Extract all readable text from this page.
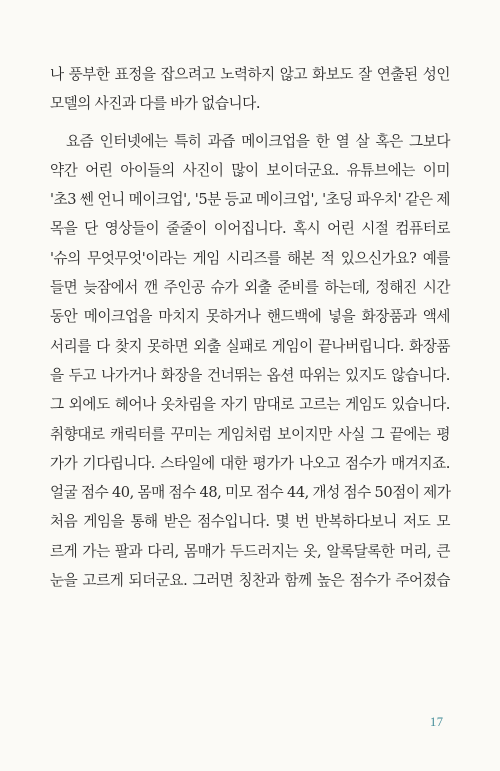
나 풍부한 표정을 잡으려고 노력하지 않고 화보도 잘 연출된 성인
모델의 사진과 다를 바가 없습니다.
요즘 인터넷에는 특히 과즙 메이크업을 한 열 살 혹은 그보다
약간 어린 아이들의 사진이 많이 보이더군요. 유튜브에는 이미
'초3 쎈 언니 메이크업', '5분 등교 메이크업', '초딩 파우치' 같은 제
목을 단 영상들이 줄줄이 이어집니다. 혹시 어린 시절 컴퓨터로
'슈의 무엇무엇'이라는 게임 시리즈를 해본 적 있으신가요? 예를
들면 늦잠에서 깬 주인공 슈가 외출 준비를 하는데, 정해진 시간
동안 메이크업을 마치지 못하거나 핸드백에 넣을 화장품과 액세
서리를 다 찾지 못하면 외출 실패로 게임이 끝나버립니다. 화장품
을 두고 나가거나 화장을 건너뛰는 옵션 따위는 있지도 않습니다.
그 외에도 헤어나 옷차림을 자기 맘대로 고르는 게임도 있습니다.
취향대로 캐릭터를 꾸미는 게임처럼 보이지만 사실 그 끝에는 평
가가 기다립니다. 스타일에 대한 평가가 나오고 점수가 매겨지죠.
얼굴 점수 40, 몸매 점수 48, 미모 점수 44, 개성 점수 50점이 제가
처음 게임을 통해 받은 점수입니다. 몇 번 반복하다보니 저도 모
르게 가는 팔과 다리, 몸매가 두드러지는 옷, 알록달록한 머리, 큰
눈을 고르게 되더군요. 그러면 칭찬과 함께 높은 점수가 주어졌습
17
